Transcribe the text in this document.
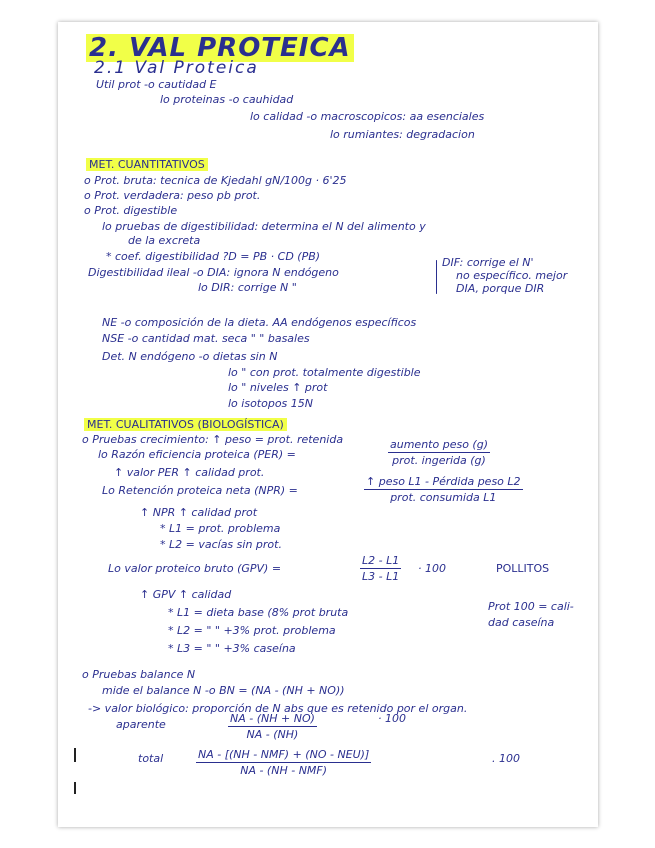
2. VAL PROTEICA
2.1 Val Proteica
Util prot -o cautidad E
lo proteinas -o cauhidad
lo calidad -o macroscopicos: aa esenciales
lo rumiantes: degradacion
MET. CUANTITATIVOS
o Prot. bruta: tecnica de Kjedahl gN/100g · 6'25
o Prot. verdadera: peso pb prot.
o Prot. digestible
lo pruebas de digestibilidad: determina el N del alimento y
de la excreta
* coef. digestibilidad ?D = PB · CD (PB)
Digestibilidad ileal -o DIA: ignora N endógeno
lo DIR: corrige N "
DIF: corrige el N'
no específico. mejor
DIA, porque DIR
NE -o composición de la dieta. AA endógenos específicos
NSE -o cantidad mat. seca " " basales
Det. N endógeno -o dietas sin N
lo " con prot. totalmente digestible
lo " niveles ↑ prot
lo isotopos 15N
MET. CUALITATIVOS (BIOLOGÍSTICA)
o Pruebas crecimiento: ↑ peso = prot. retenida
lo Razón eficiencia proteica (PER) =
aumento peso (g)
prot. ingerida (g)
↑ valor PER ↑ calidad prot.
Lo Retención proteica neta (NPR) =
↑ peso L1 - Pérdida peso L2
prot. consumida L1
↑ NPR ↑ calidad prot
* L1 = prot. problema
* L2 = vacías sin prot.
Lo valor proteico bruto (GPV) =	$\frac{L2 - L1}{L3 - L1} \cdot 100$	POLLITOS
↑ GPV ↑ calidad
* L1 = dieta base (8% prot bruta
* L2 = " " +3% prot. problema
* L3 = " " +3% caseína
Prot 100 = cali-
dad caseína
o Pruebas balance N
mide el balance N -o BN = (NA - (NH + NO))
-> valor biológico: proporción de N abs que es retenido por el organ.
aparente	$\frac{NA - (NH + NO)}{NA - (NH)}$	· 100
total	NA - [(NH - NMF) + (NO - NEU)]
NA - (NH - NMF)
. 100
